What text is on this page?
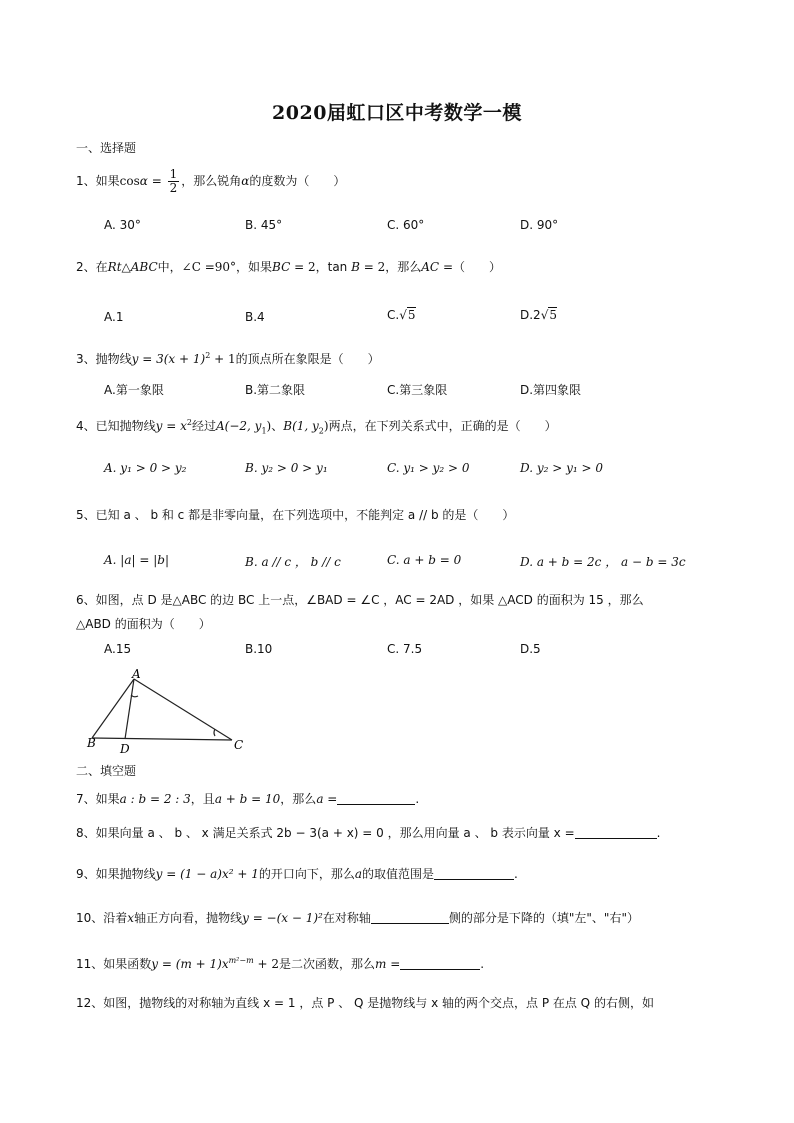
2020届虹口区中考数学一模
一、选择题
1、如果$\cos\alpha = \frac{1}{2}$ ，那么锐角α的度数为（　　）
A. 30°	B. 45°	C. 60°	D. 90°
2、在Rt△ABC中，∠C =90°，如果BC = 2，tan B = 2，那么AC =（　　）
A.1	B.4	C.√5	D.2√5
3、抛物线$y = 3(x + 1)^2 + 1$的顶点所在象限是（　　）
A.第一象限	B.第二象限	C.第三象限	D.第四象限
4、已知抛物线$y = x^2$经过A(−2, $y_1$)、B(1, $y_2$)两点，在下列关系式中，正确的是（　　）
A. y₁ > 0 > y₂	B. y₂ > 0 > y₁	C. y₁ > y₂ > 0	D. y₂ > y₁ > 0
5、已知 a 、 b 和 c 都是非零向量，在下列选项中，不能判定 a // b 的是（　　）
A. |a| = |b|	B. a // c ， b // c	C. a + b = 0	D. a + b = 2c ， a − b = 3c
6、如图，点 D 是△ABC 的边 BC 上一点，∠BAD = ∠C ，AC = 2AD ，如果 △ACD 的面积为 15 ，那么
△ABD 的面积为（　　）
A.15	B.10	C. 7.5	D.5
A
B D	C
二、填空题
7、如果a : b = 2 : 3，且a + b = 10，那么a =	.
8、如果向量 a 、 b 、 x 满足关系式 2b − 3(a + x) = 0 ，那么用向量 a 、 b 表示向量 x =	.
9、如果抛物线y = (1 − a)x² + 1的开口向下，那么a的取值范围是	.
10、沿着x轴正方向看，抛物线y = −(x − 1)²在对称轴	侧的部分是下降的（填"左"、"右"）
11、如果函数$y = (m + 1)x^{m^2-m} + 2$是二次函数，那么m =	.
12、如图，抛物线的对称轴为直线 x = 1 ，点 P 、 Q 是抛物线与 x 轴的两个交点，点 P 在点 Q 的右侧，如
